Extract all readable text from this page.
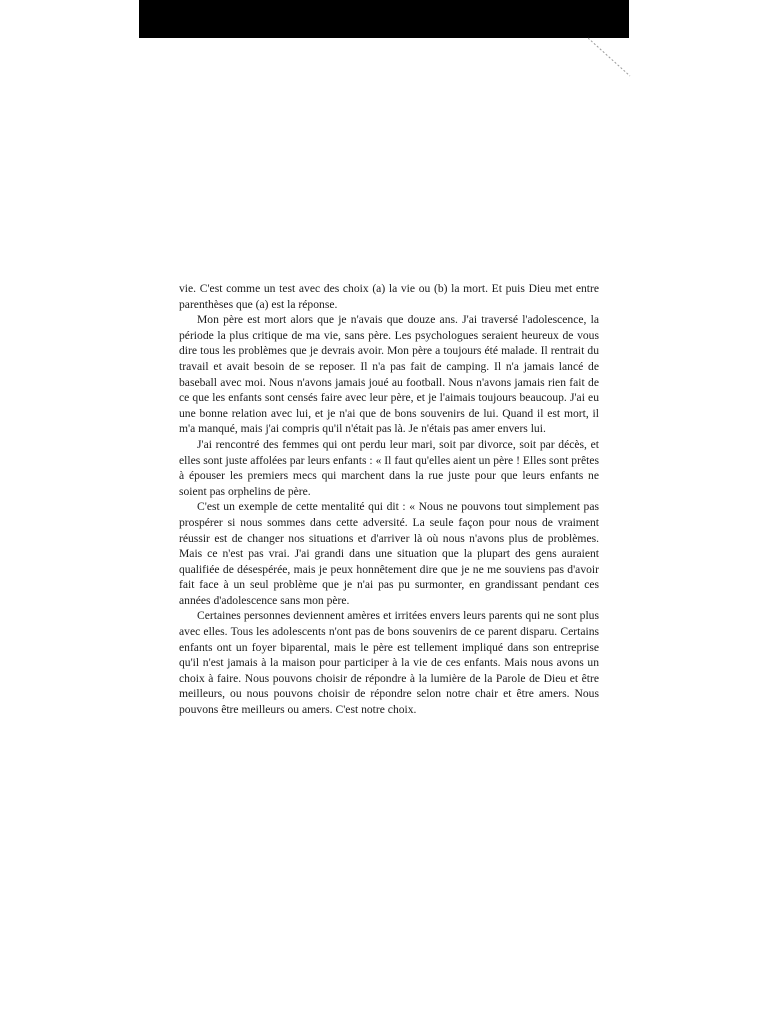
vie. C'est comme un test avec des choix (a) la vie ou (b) la mort. Et puis Dieu met entre parenthèses que (a) est la réponse.

Mon père est mort alors que je n'avais que douze ans. J'ai traversé l'adolescence, la période la plus critique de ma vie, sans père. Les psychologues seraient heureux de vous dire tous les problèmes que je devrais avoir. Mon père a toujours été malade. Il rentrait du travail et avait besoin de se reposer. Il n'a pas fait de camping. Il n'a jamais lancé de baseball avec moi. Nous n'avons jamais joué au football. Nous n'avons jamais rien fait de ce que les enfants sont censés faire avec leur père, et je l'aimais toujours beaucoup. J'ai eu une bonne relation avec lui, et je n'ai que de bons souvenirs de lui. Quand il est mort, il m'a manqué, mais j'ai compris qu'il n'était pas là. Je n'étais pas amer envers lui.

J'ai rencontré des femmes qui ont perdu leur mari, soit par divorce, soit par décès, et elles sont juste affolées par leurs enfants : « Il faut qu'elles aient un père ! Elles sont prêtes à épouser les premiers mecs qui marchent dans la rue juste pour que leurs enfants ne soient pas orphelins de père.

C'est un exemple de cette mentalité qui dit : « Nous ne pouvons tout simplement pas prospérer si nous sommes dans cette adversité. La seule façon pour nous de vraiment réussir est de changer nos situations et d'arriver là où nous n'avons plus de problèmes. Mais ce n'est pas vrai. J'ai grandi dans une situation que la plupart des gens auraient qualifiée de désespérée, mais je peux honnêtement dire que je ne me souviens pas d'avoir fait face à un seul problème que je n'ai pas pu surmonter, en grandissant pendant ces années d'adolescence sans mon père.

Certaines personnes deviennent amères et irritées envers leurs parents qui ne sont plus avec elles. Tous les adolescents n'ont pas de bons souvenirs de ce parent disparu. Certains enfants ont un foyer biparental, mais le père est tellement impliqué dans son entreprise qu'il n'est jamais à la maison pour participer à la vie de ces enfants. Mais nous avons un choix à faire. Nous pouvons choisir de répondre à la lumière de la Parole de Dieu et être meilleurs, ou nous pouvons choisir de répondre selon notre chair et être amers. Nous pouvons être meilleurs ou amers. C'est notre choix.
